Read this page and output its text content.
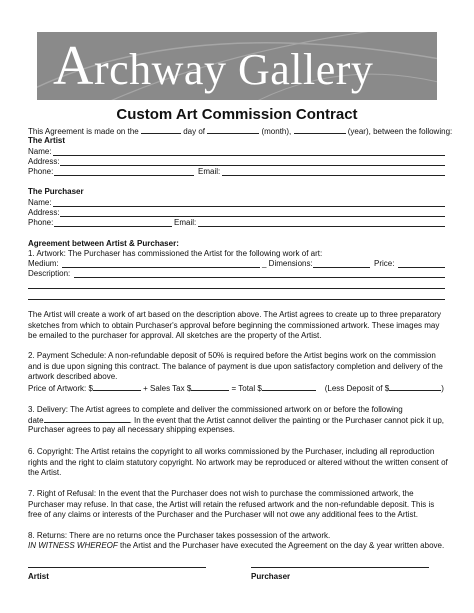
Archway Gallery
Custom Art Commission Contract
This Agreement is made on the	day of	(month),	(year), between the following:
The Artist
Name:
Address:
Phone:	Email:
The Purchaser
Name:
Address:
Phone:	Email:
Agreement between Artist & Purchaser:
1. Artwork: The Purchaser has commissioned the Artist for the following work of art:
Medium:	_ Dimensions:	Price:
Description:
The Artist will create a work of art based on the description above. The Artist agrees to create up to three preparatory sketches from which to obtain Purchaser's approval before beginning the commissioned artwork. These images may be emailed to the purchaser for approval. All sketches are the property of the Artist.
2. Payment Schedule: A non-refundable deposit of 50% is required before the Artist begins work on the commission and is due upon signing this contract. The balance of payment is due upon satisfactory completion and delivery of the artwork described above.
Price of Artwork: $	+ Sales Tax $	= Total $	(Less Deposit of $	)
3. Delivery: The Artist agrees to complete and deliver the commissioned artwork on or before the following
date	. In the event that the Artist cannot deliver the painting or the Purchaser cannot pick it up,
Purchaser agrees to pay all necessary shipping expenses.
6. Copyright: The Artist retains the copyright to all works commissioned by the Purchaser, including all reproduction rights and the right to claim statutory copyright. No artwork may be reproduced or altered without the written consent of the Artist.
7. Right of Refusal: In the event that the Purchaser does not wish to purchase the commissioned artwork, the Purchaser may refuse. In that case, the Artist will retain the refused artwork and the non-refundable deposit. This is free of any claims or interests of the Purchaser and the Purchaser will not owe any additional fees to the Artist.
8. Returns: There are no returns once the Purchaser takes possession of the artwork.
IN WITNESS WHEREOF the Artist and the Purchaser have executed the Agreement on the day & year written above.
Artist	Purchaser
